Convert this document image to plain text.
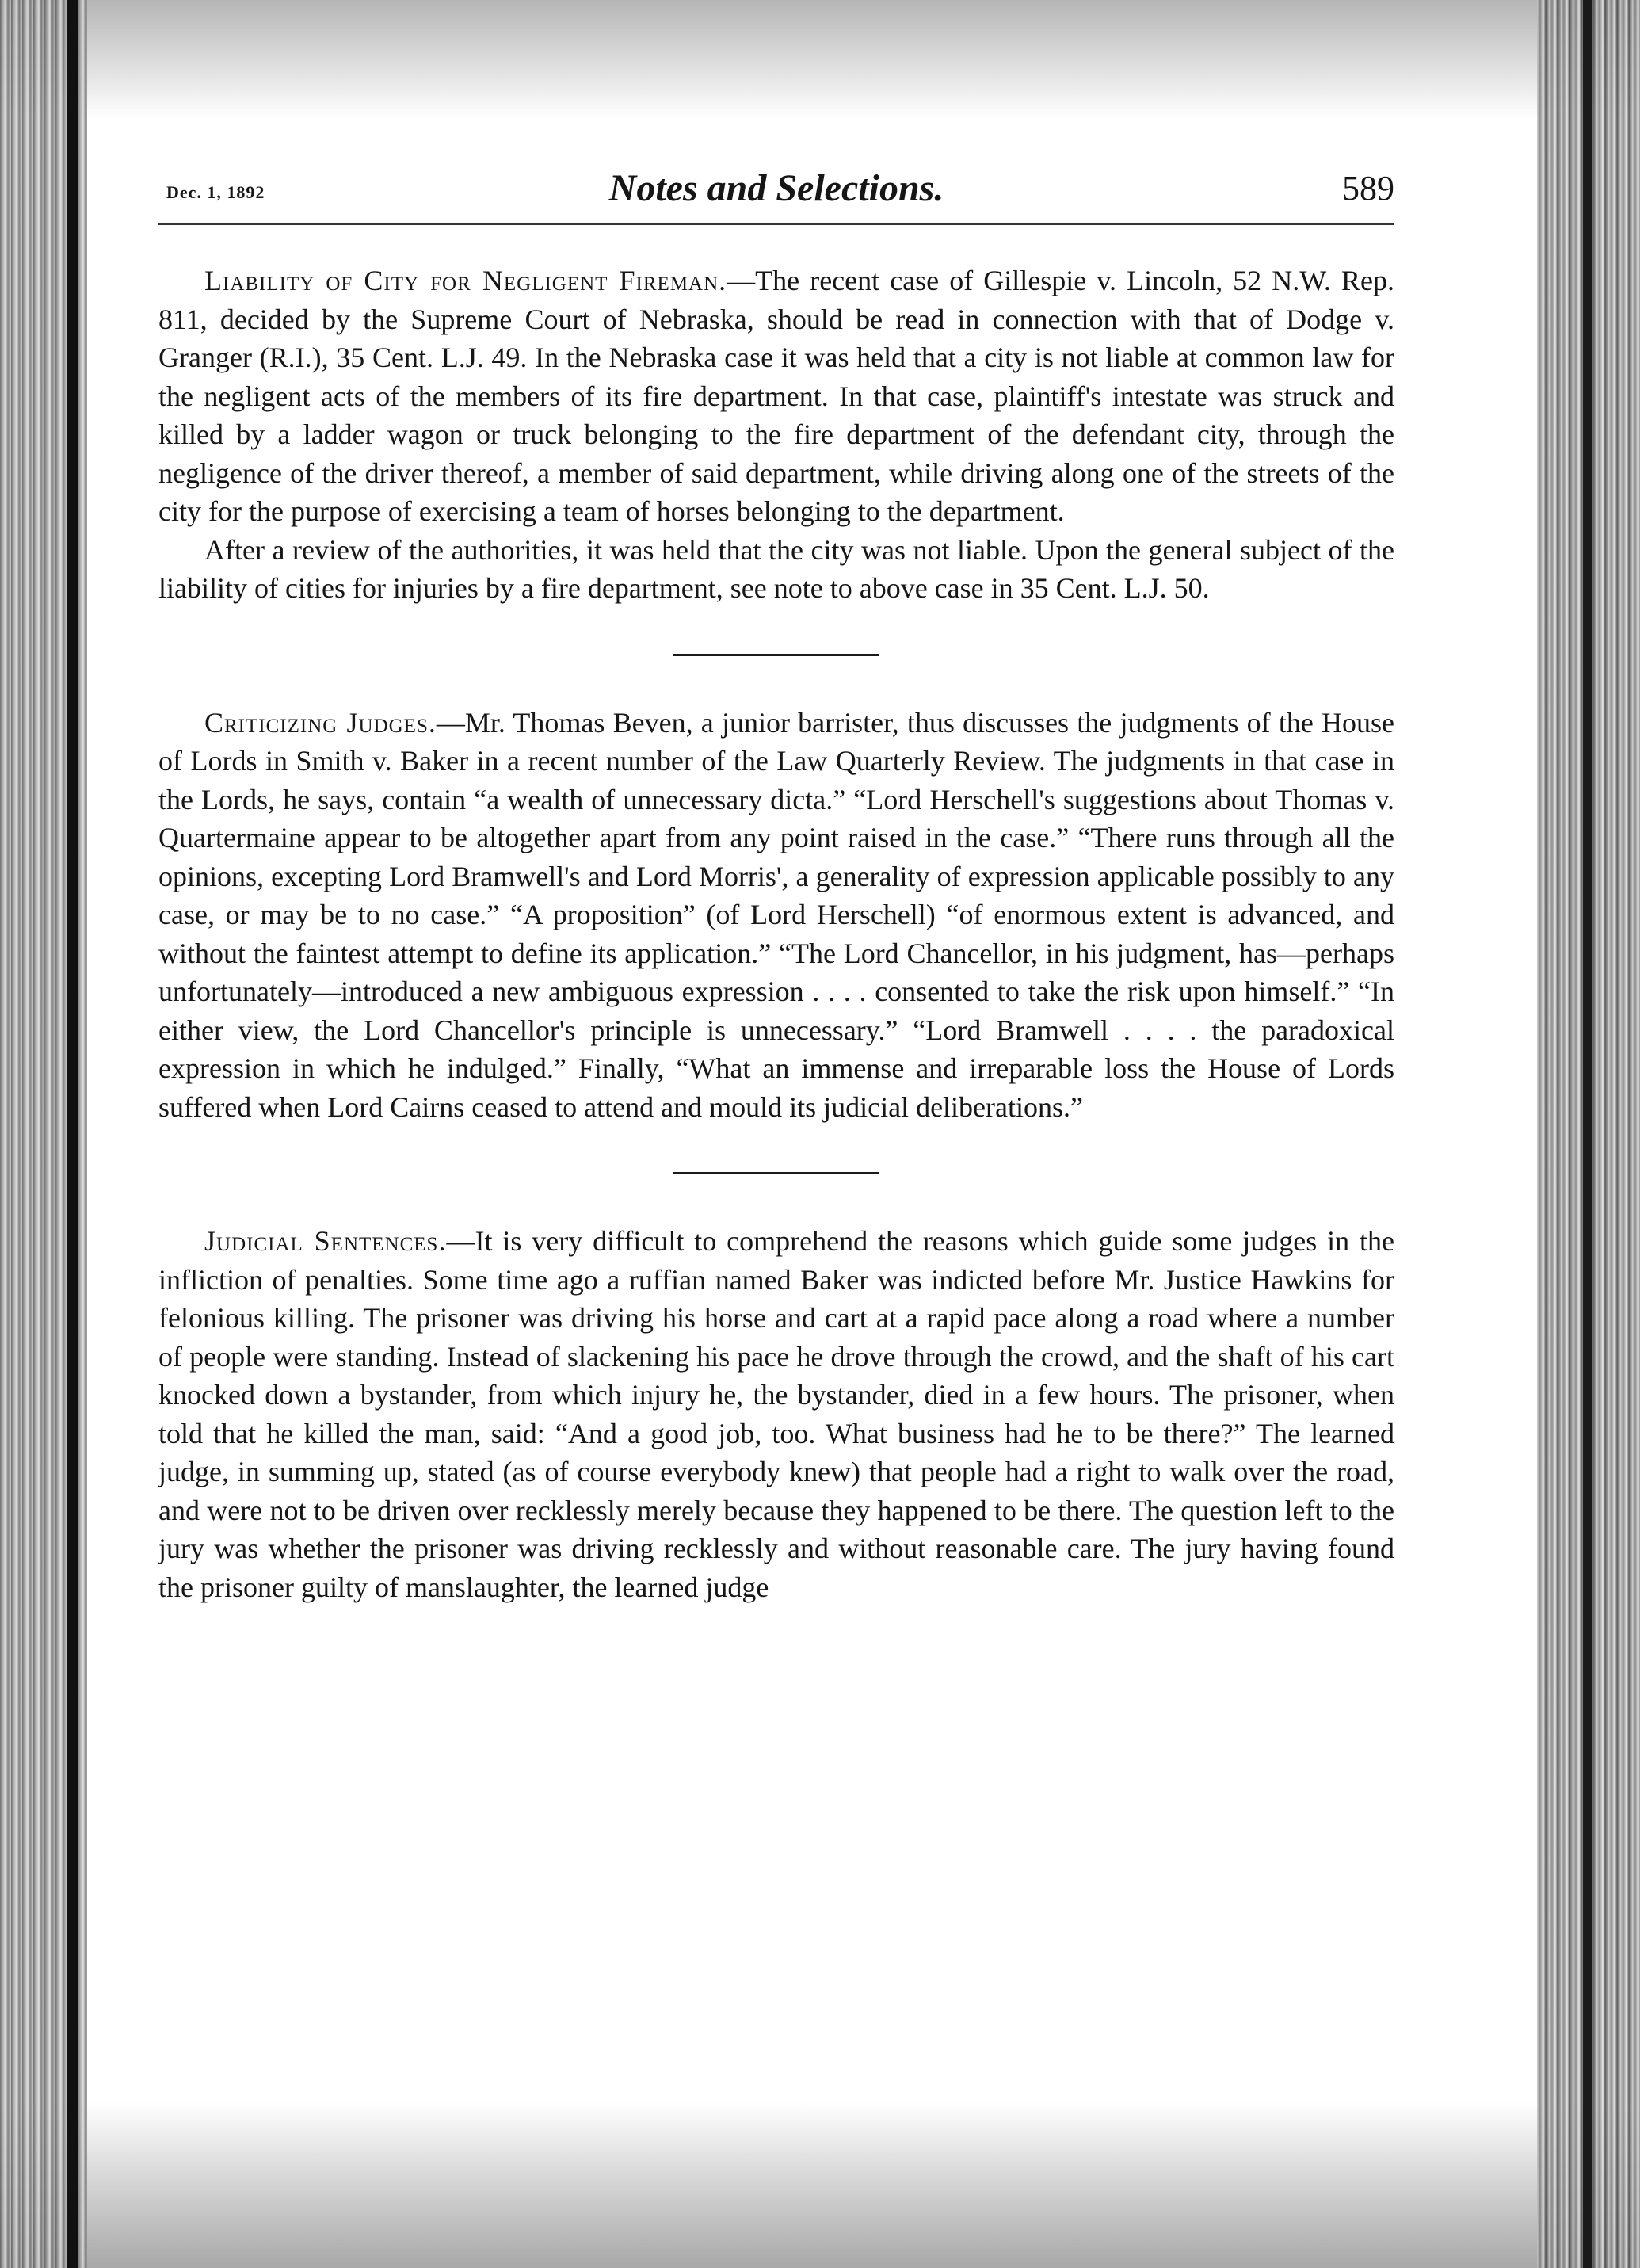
Dec. 1, 1892	Notes and Selections.	589

Liability of City for Negligent Fireman.—The recent case of Gillespie v. Lincoln, 52 N.W. Rep. 811, decided by the Supreme Court of Nebraska, should be read in connection with that of Dodge v. Granger (R.I.), 35 Cent. L.J. 49. In the Nebraska case it was held that a city is not liable at common law for the negligent acts of the members of its fire department. In that case, plaintiff's intestate was struck and killed by a ladder wagon or truck belonging to the fire department of the defendant city, through the negligence of the driver thereof, a member of said department, while driving along one of the streets of the city for the purpose of exercising a team of horses belonging to the department.

After a review of the authorities, it was held that the city was not liable. Upon the general subject of the liability of cities for injuries by a fire department, see note to above case in 35 Cent. L.J. 50.

Criticizing Judges.—Mr. Thomas Beven, a junior barrister, thus discusses the judgments of the House of Lords in Smith v. Baker in a recent number of the Law Quarterly Review. The judgments in that case in the Lords, he says, contain “a wealth of unnecessary dicta.” “Lord Herschell's suggestions about Thomas v. Quartermaine appear to be altogether apart from any point raised in the case.” “There runs through all the opinions, excepting Lord Bramwell's and Lord Morris', a generality of expression applicable possibly to any case, or may be to no case.” “A proposition” (of Lord Herschell) “of enormous extent is advanced, and without the faintest attempt to define its application.” “The Lord Chancellor, in his judgment, has—perhaps unfortunately—introduced a new ambiguous expression . . . . consented to take the risk upon himself.” “In either view, the Lord Chancellor's principle is unnecessary.” “Lord Bramwell . . . . the paradoxical expression in which he indulged.” Finally, “What an immense and irreparable loss the House of Lords suffered when Lord Cairns ceased to attend and mould its judicial deliberations.”

Judicial Sentences.—It is very difficult to comprehend the reasons which guide some judges in the infliction of penalties. Some time ago a ruffian named Baker was indicted before Mr. Justice Hawkins for felonious killing. The prisoner was driving his horse and cart at a rapid pace along a road where a number of people were standing. Instead of slackening his pace he drove through the crowd, and the shaft of his cart knocked down a bystander, from which injury he, the bystander, died in a few hours. The prisoner, when told that he killed the man, said: “And a good job, too. What business had he to be there?” The learned judge, in summing up, stated (as of course everybody knew) that people had a right to walk over the road, and were not to be driven over recklessly merely because they happened to be there. The question left to the jury was whether the prisoner was driving recklessly and without reasonable care. The jury having found the prisoner guilty of manslaughter, the learned judge
